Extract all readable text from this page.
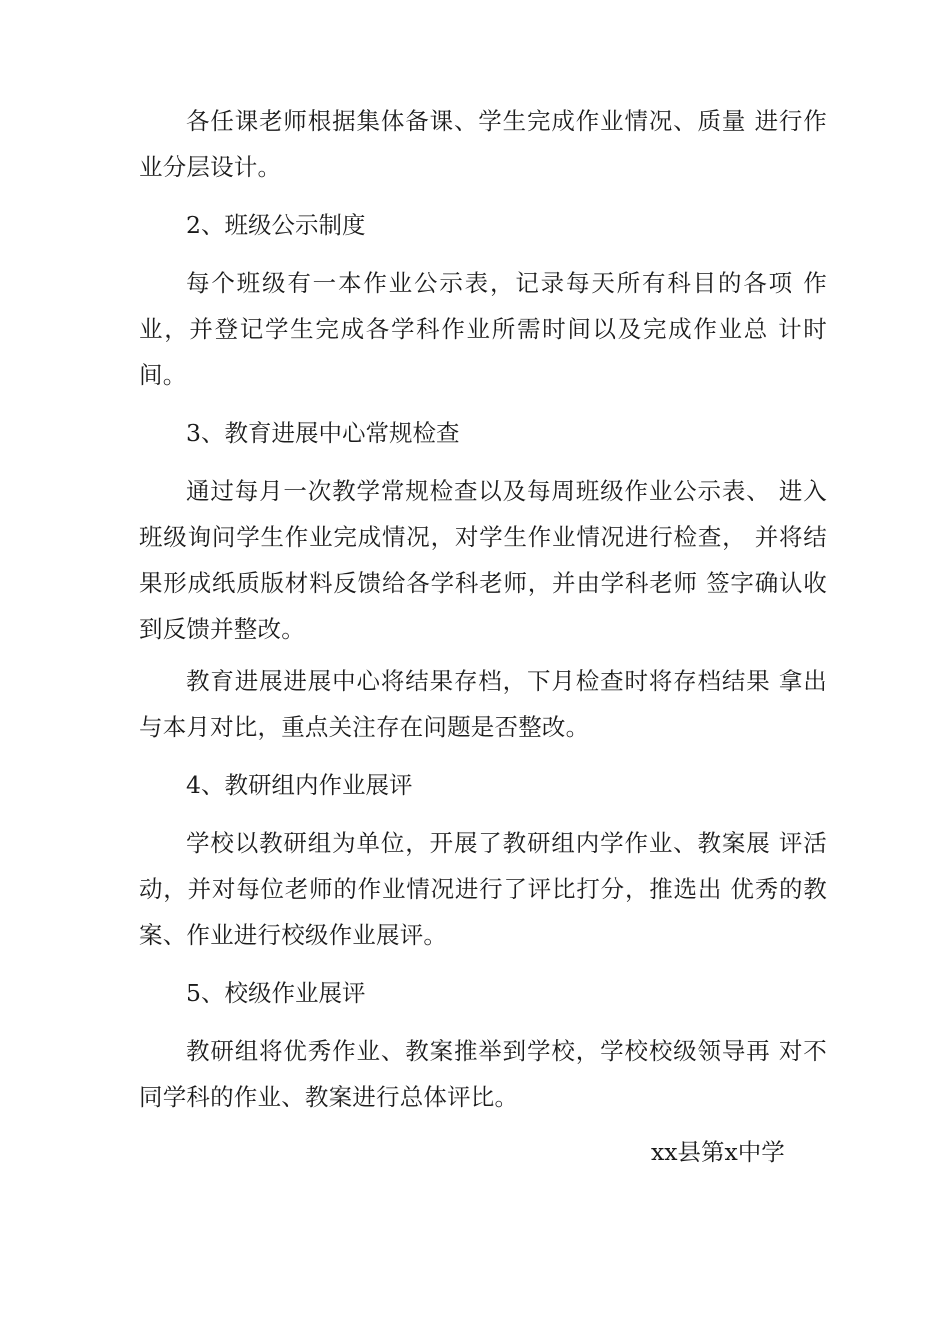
各任课老师根据集体备课、学生完成作业情况、质量 进行作业分层设计。

2、班级公示制度

每个班级有一本作业公示表，记录每天所有科目的各项 作业，并登记学生完成各学科作业所需时间以及完成作业总 计时间。

3、教育进展中心常规检查

通过每月一次教学常规检查以及每周班级作业公示表、 进入班级询问学生作业完成情况，对学生作业情况进行检查， 并将结果形成纸质版材料反馈给各学科老师，并由学科老师 签字确认收到反馈并整改。

教育进展进展中心将结果存档，下月检查时将存档结果 拿出与本月对比，重点关注存在问题是否整改。

4、教研组内作业展评

学校以教研组为单位，开展了教研组内学作业、教案展 评活动，并对每位老师的作业情况进行了评比打分，推选出 优秀的教案、作业进行校级作业展评。

5、校级作业展评

教研组将优秀作业、教案推举到学校，学校校级领导再 对不同学科的作业、教案进行总体评比。

xx县第x中学
